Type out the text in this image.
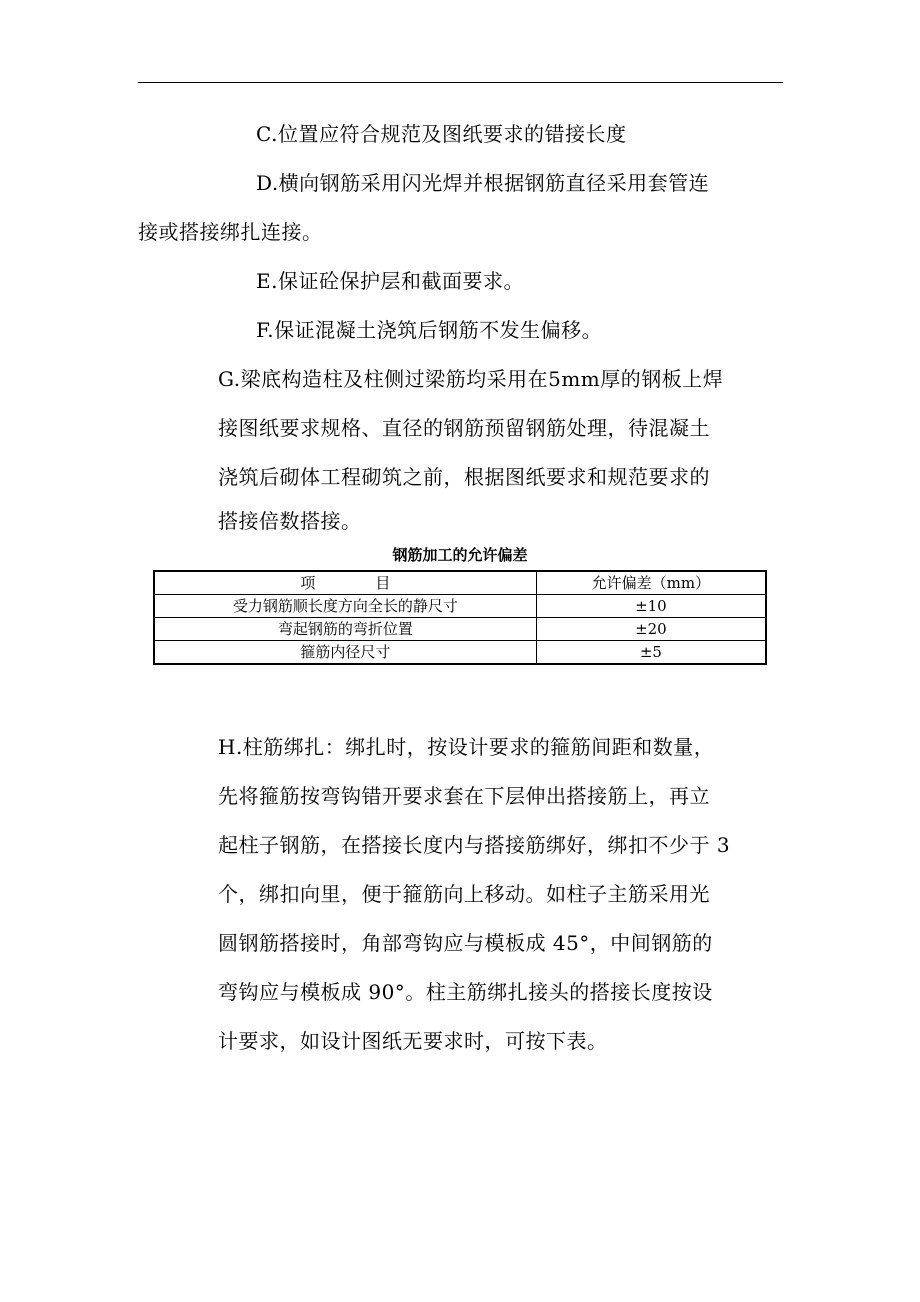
C.位置应符合规范及图纸要求的错接长度
D.横向钢筋采用闪光焊并根据钢筋直径采用套管连
接或搭接绑扎连接。
E.保证砼保护层和截面要求。
F.保证混凝土浇筑后钢筋不发生偏移。
G.梁底构造柱及柱侧过梁筋均采用在5mm厚的钢板上焊
接图纸要求规格、直径的钢筋预留钢筋处理，待混凝土
浇筑后砌体工程砌筑之前，根据图纸要求和规范要求的
搭接倍数搭接。
钢筋加工的允许偏差
项　　　　目	允许偏差（mm）
受力钢筋顺长度方向全长的静尺寸	±10
弯起钢筋的弯折位置	±20
箍筋内径尺寸	±5
H.柱筋绑扎：绑扎时，按设计要求的箍筋间距和数量，
先将箍筋按弯钩错开要求套在下层伸出搭接筋上，再立
起柱子钢筋，在搭接长度内与搭接筋绑好，绑扣不少于 3
个，绑扣向里，便于箍筋向上移动。如柱子主筋采用光
圆钢筋搭接时，角部弯钩应与模板成 45°，中间钢筋的
弯钩应与模板成 90°。柱主筋绑扎接头的搭接长度按设
计要求，如设计图纸无要求时，可按下表。
